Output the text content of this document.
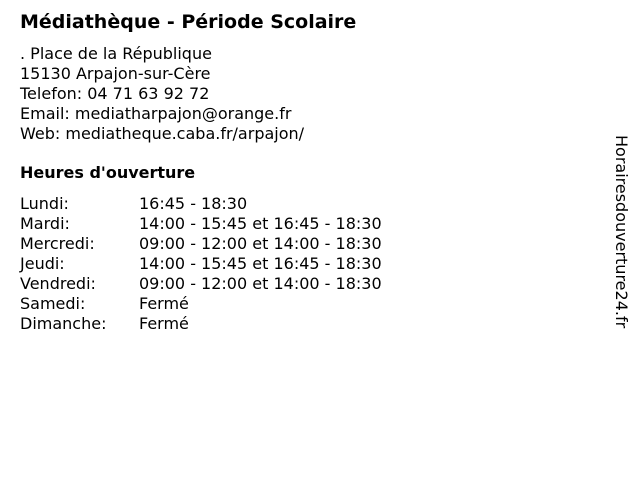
Médiathèque - Période Scolaire
. Place de la République
15130 Arpajon-sur-Cère
Telefon: 04 71 63 92 72
Email: mediatharpajon@orange.fr
Web: mediatheque.caba.fr/arpajon/
Heures d'ouverture
Lundi:	16:45 - 18:30
Mardi:	14:00 - 15:45 et 16:45 - 18:30
Mercredi:	09:00 - 12:00 et 14:00 - 18:30
Jeudi:	14:00 - 15:45 et 16:45 - 18:30
Vendredi:	09:00 - 12:00 et 14:00 - 18:30
Samedi:	Fermé
Dimanche:	Fermé	Horairesdouverture24.fr
